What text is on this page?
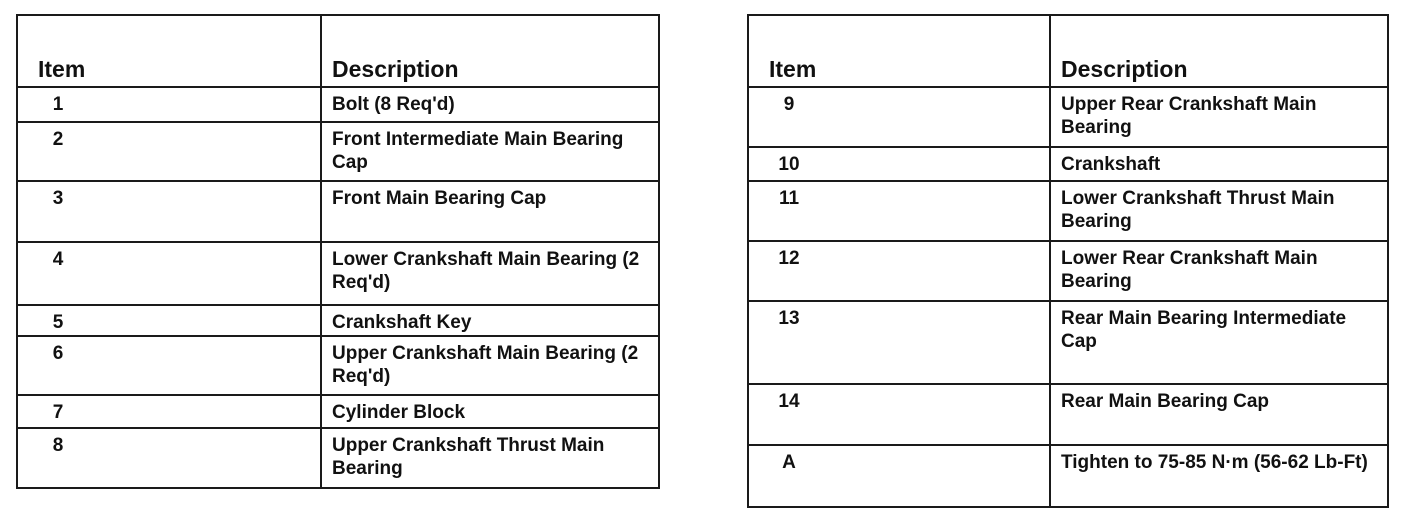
Item	Description
1	Bolt (8 Req'd)
2	Front Intermediate Main Bearing Cap
3	Front Main Bearing Cap
4	Lower Crankshaft Main Bearing (2 Req'd)
5	Crankshaft Key
6	Upper Crankshaft Main Bearing (2 Req'd)
7	Cylinder Block
8	Upper Crankshaft Thrust Main Bearing
Item	Description
9	Upper Rear Crankshaft Main Bearing
10	Crankshaft
11	Lower Crankshaft Thrust Main Bearing
12	Lower Rear Crankshaft Main Bearing
13	Rear Main Bearing Intermediate Cap
14	Rear Main Bearing Cap
A	Tighten to 75-85 N·m (56-62 Lb-Ft)
